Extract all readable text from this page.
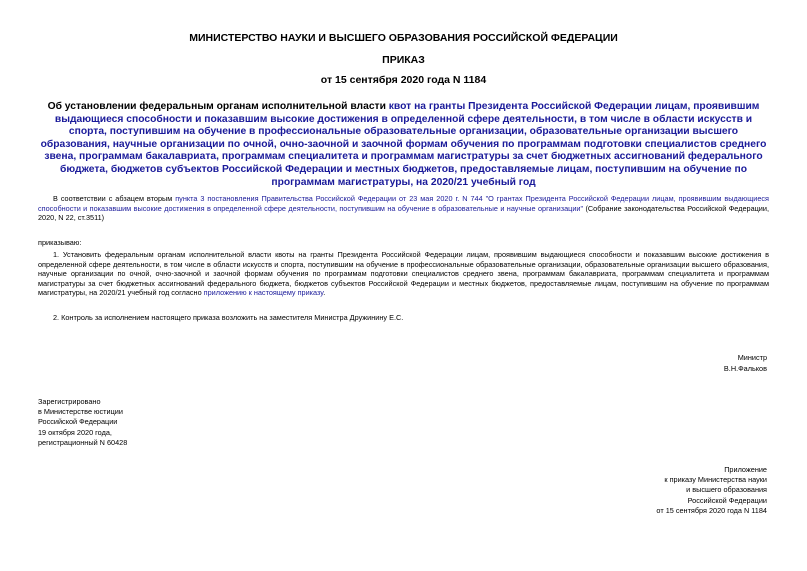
МИНИСТЕРСТВО НАУКИ И ВЫСШЕГО ОБРАЗОВАНИЯ РОССИЙСКОЙ ФЕДЕРАЦИИ
ПРИКАЗ
от 15 сентября 2020 года N 1184
Об установлении федеральным органам исполнительной власти квот на гранты Президента Российской Федерации лицам, проявившим выдающиеся способности и показавшим высокие достижения в определенной сфере деятельности, в том числе в области искусств и спорта, поступившим на обучение в профессиональные образовательные организации, образовательные организации высшего образования, научные организации по очной, очно-заочной и заочной формам обучения по программам подготовки специалистов среднего звена, программам бакалавриата, программам специалитета и программам магистратуры за счет бюджетных ассигнований федерального бюджета, бюджетов субъектов Российской Федерации и местных бюджетов, предоставляемые лицам, поступившим на обучение по программам магистратуры, на 2020/21 учебный год
В соответствии с абзацем вторым пункта 3 постановления Правительства Российской Федерации от 23 мая 2020 г. N 744 "О грантах Президента Российской Федерации лицам, проявившим выдающиеся способности и показавшим высокие достижения в определенной сфере деятельности, поступившим на обучение в образовательные и научные организации" (Собрание законодательства Российской Федерации, 2020, N 22, ст.3511)
приказываю:
1. Установить федеральным органам исполнительной власти квоты на гранты Президента Российской Федерации лицам, проявившим выдающиеся способности и показавшим высокие достижения в определенной сфере деятельности, в том числе в области искусств и спорта, поступившим на обучение в профессиональные образовательные организации, образовательные организации высшего образования, научные организации по очной, очно-заочной и заочной формам обучения по программам подготовки специалистов среднего звена, программам бакалавриата, программам специалитета и программам магистратуры за счет бюджетных ассигнований федерального бюджета, бюджетов субъектов Российской Федерации и местных бюджетов, предоставляемые лицам, поступившим на обучение по программам магистратуры, на 2020/21 учебный год согласно приложению к настоящему приказу.
2. Контроль за исполнением настоящего приказа возложить на заместителя Министра Дружинину Е.С.
Министр
В.Н.Фальков
Зарегистрировано
в Министерстве юстиции
Российской Федерации
19 октября 2020 года,
регистрационный N 60428
Приложение
к приказу Министерства науки
и высшего образования
Российской Федерации
от 15 сентября 2020 года N 1184
